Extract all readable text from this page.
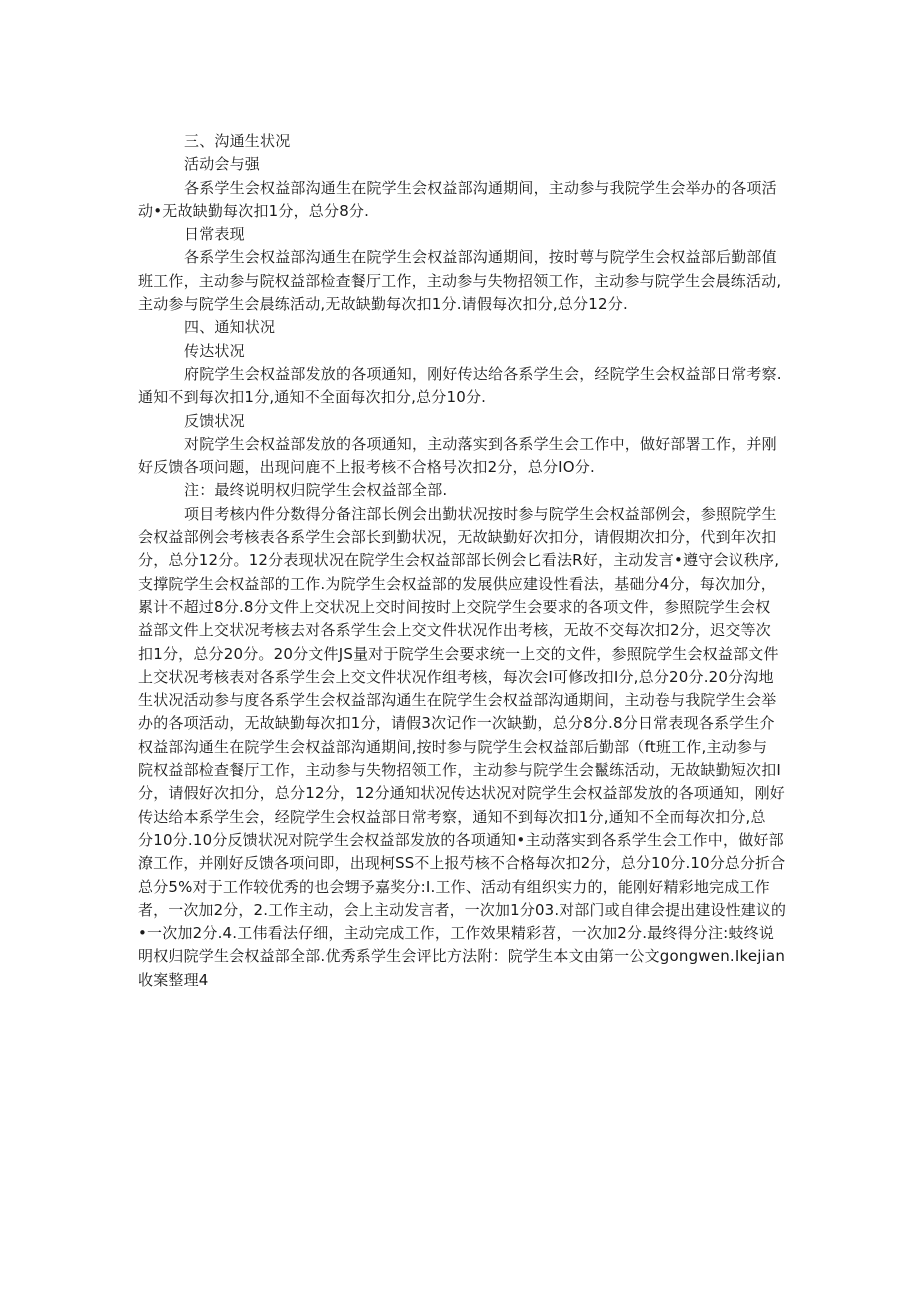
三、沟通生状况
活动会与强
各系学生会权益部沟通生在院学生会权益部沟通期间，主动参与我院学生会举办的各项活
动•无故缺勤每次扣1分，总分8分.
日常表现
各系学生会权益部沟通生在院学生会权益部沟通期间，按时萼与院学生会权益部后勤部值
班工作，主动参与院权益部检查餐厅工作，主动参与失物招领工作，主动参与院学生会晨练活动,
主动参与院学生会晨练活动,无故缺勤每次扣1分.请假每次扣分,总分12分.
四、通知状况
传达状况
府院学生会权益部发放的各项通知，刚好传达给各系学生会，经院学生会权益部日常考察.
通知不到每次扣1分,通知不全面每次扣分,总分10分.
反馈状况
对院学生会权益部发放的各项通知，主动落实到各系学生会工作中，做好部署工作，并刚
好反馈各项问题，出现问鹿不上报考核不合格号次扣2分，总分IO分.
注：最终说明权归院学生会权益部全部.
项目考核内件分数得分备注部长例会出勤状况按时参与院学生会权益部例会，参照院学生
会权益部例会考核表各系学生会部长到勤状况，无故缺勤好次扣分，请假期次扣分，代到年次扣
分，总分12分。12分表现状况在院学生会权益部部长例会匕看法R好，主动发言•遵守会议秩序,
支撑院学生会权益部的工作.为院学生会权益部的发展供应建设性看法，基础分4分，每次加分，
累计不超过8分.8分文件上交状况上交时间按时上交院学生会要求的各项文件，参照院学生会权
益部文件上交状况考核去对各系学生会上交文件状况作出考核，无故不交每次扣2分，迟交等次
扣1分，总分20分。20分文件JS量对于院学生会要求统一上交的文件，参照院学生会权益部文件
上交状况考核表对各系学生会上交文件状况作组考核，每次会I可修改扣I分,总分20分.20分沟地
生状况活动参与度各系学生会权益部沟通生在院学生会权益部沟通期间，主动卷与我院学生会举
办的各项活动，无故缺勤每次扣1分，请假3次记作一次缺勤，总分8分.8分日常表现各系学生介
权益部沟通生在院学生会权益部沟通期间,按时参与院学生会权益部后勤部（ft班工作,主动参与
院权益部检查餐厅工作，主动参与失物招领工作，主动参与院学生会鬣练活动，无故缺勤短次扣I
分，请假好次扣分，总分12分，12分通知状况传达状况对院学生会权益部发放的各项通知，刚好
传达给本系学生会，经院学生会权益部日常考察，通知不到每次扣1分,通知不全而每次扣分,总
分10分.10分反馈状况对院学生会权益部发放的各项通知•主动落实到各系学生会工作中，做好部
潦工作，并刚好反馈各项问即，出现柯SS不上报芍核不合格每次扣2分，总分10分.10分总分折合
总分5%对于工作较优秀的也会甥予嘉奖分:I.工作、活动有组织实力的，能刚好精彩地完成工作
者，一次加2分，2.工作主动，会上主动发言者，一次加1分03.对部门或自律会提出建设性建议的
•一次加2分.4.工伟看法仔细，主动完成工作，工作效果精彩苕，一次加2分.最终得分注:蚑终说
明权归院学生会权益部全部.优秀系学生会评比方法附：院学生本文由第一公文gongwen.Ikejian
收案整理4
